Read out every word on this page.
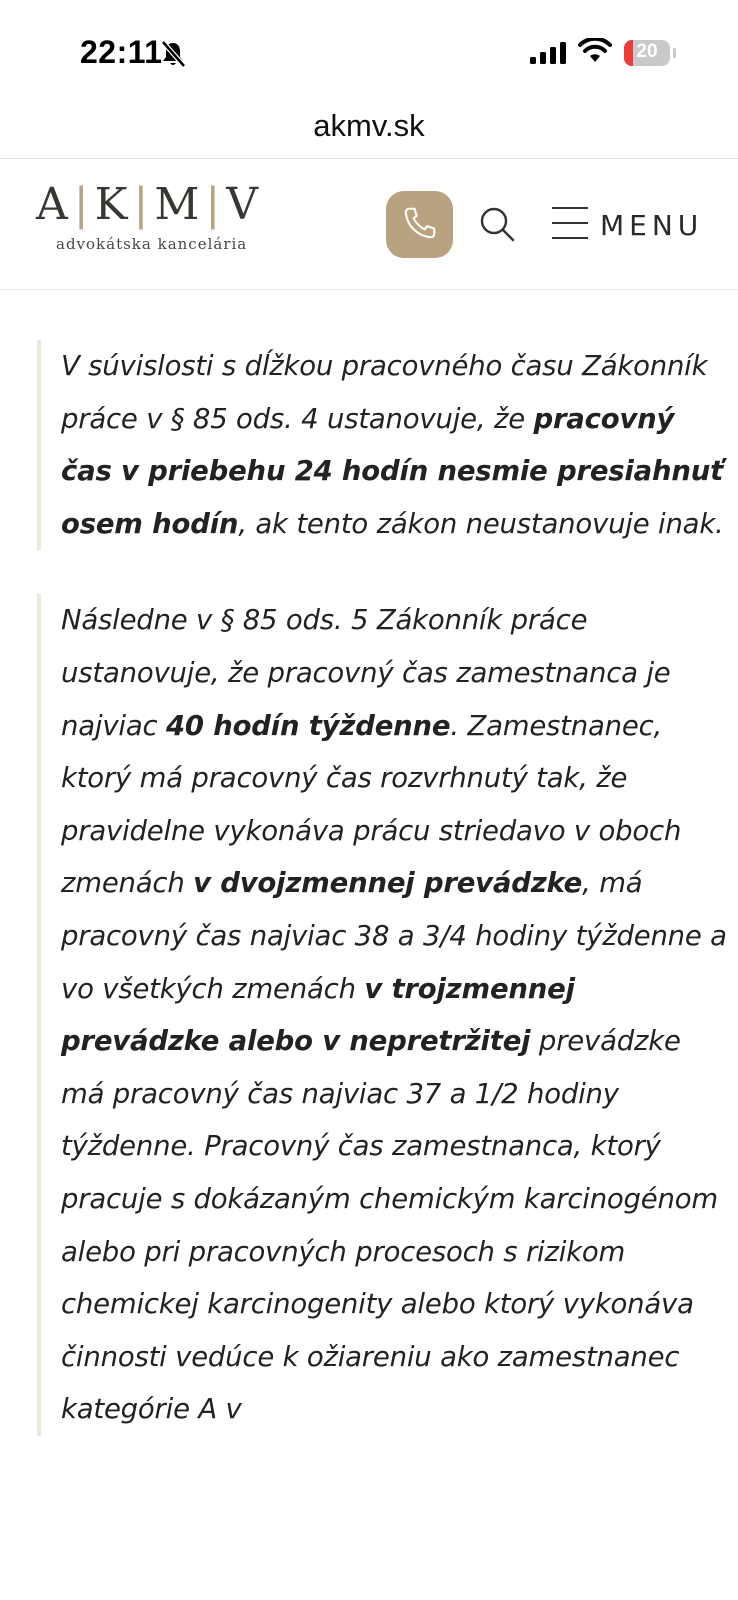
22:11	20
akmv.sk
A|K|M|V
advokátska kancelária
MENU
V súvislosti s dĺžkou pracovného času Zákonník práce v § 85 ods. 4 ustanovuje, že pracovný čas v priebehu 24 hodín nesmie presiahnuť osem hodín, ak tento zákon neustanovuje inak.
Následne v § 85 ods. 5 Zákonník práce ustanovuje, že pracovný čas zamestnanca je najviac 40 hodín týždenne. Zamestnanec, ktorý má pracovný čas rozvrhnutý tak, že pravidelne vykonáva prácu striedavo v oboch zmenách v dvojzmennej prevádzke, má pracovný čas najviac 38 a 3/4 hodiny týždenne a vo všetkých zmenách v trojzmennej prevádzke alebo v nepretržitej prevádzke má pracovný čas najviac 37 a 1/2 hodiny týždenne. Pracovný čas zamestnanca, ktorý pracuje s dokázaným chemickým karcinogénom alebo pri pracovných procesoch s rizikom chemickej karcinogenity alebo ktorý vykonáva činnosti vedúce k ožiareniu ako zamestnanec kategórie A v
